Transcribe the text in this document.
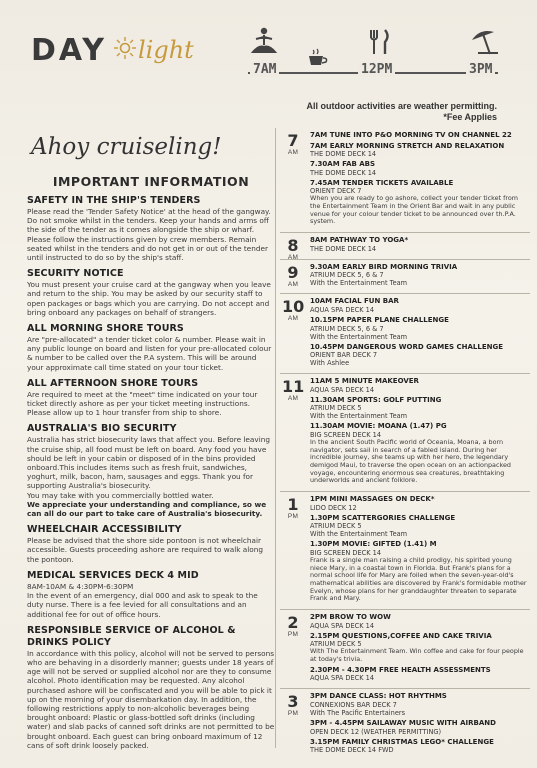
DAY light
7AM	12PM	3PM
All outdoor activities are weather permitting.
*Fee Applies
Ahoy cruiseling!
IMPORTANT INFORMATION
SAFETY IN THE SHIP'S TENDERS

Please read the 'Tender Safety Notice' at the head of the gangway. Do not smoke whilst in the tenders. Keep your hands and arms off the side of the tender as it comes alongside the ship or wharf. Please follow the instructions given by crew members. Remain seated whilst in the tenders and do not get in or out of the tender until instructed to do so by the ship's staff.

SECURITY NOTICE

You must present your cruise card at the gangway when you leave and return to the ship. You may be asked by our security staff to open packages or bags which you are carrying. Do not accept and bring onboard any packages on behalf of strangers.

ALL MORNING SHORE TOURS

Are "pre-allocated" a tender ticket color & number. Please wait in any public lounge on board and listen for your pre-allocated colour & number to be called over the P.A system. This will be around your approximate call time stated on your tour ticket.

ALL AFTERNOON SHORE TOURS

Are required to meet at the "meet" time indicated on your tour ticket directly ashore as per your ticket meeting instructions. Please allow up to 1 hour transfer from ship to shore.

AUSTRALIA'S BIO SECURITY

Australia has strict biosecurity laws that affect you. Before leaving the cruise ship, all food must be left on board. Any food you have should be left in your cabin or disposed of in the bins provided onboard.This includes items such as fresh fruit, sandwiches, yoghurt, milk, bacon, ham, sausages and eggs. Thank you for supporting Australia's biosecurity.

You may take with you commercially bottled water.

We appreciate your understanding and compliance, so we can all do our part to take care of Australia's biosecurity.

WHEELCHAIR ACCESSIBILITY

Please be advised that the shore side pontoon is not wheelchair accessible. Guests proceeding ashore are required to walk along the pontoon.

MEDICAL SERVICES DECK 4 MID

8AM-10AM & 4:30PM-6:30PM

In the event of an emergency, dial 000 and ask to speak to the duty nurse. There is a fee levied for all consultations and an additional fee for out of office hours.

RESPONSIBLE SERVICE OF ALCOHOL & DRINKS POLICY

In accordance with this policy, alcohol will not be served to persons who are behaving in a disorderly manner; guests under 18 years of age will not be served or supplied alcohol nor are they to consume alcohol. Photo identification may be requested. Any alcohol purchased ashore will be confiscated and you will be able to pick it up on the morning of your disembarkation day. In addition, the following restrictions apply to non-alcoholic beverages being brought onboard: Plastic or glass-bottled soft drinks (including water) and slab packs of canned soft drinks are not permitted to be brought onboard. Each guest can bring onboard maximum of 12 cans of soft drink loosely packed.

7
AM
7AM TUNE INTO P&O MORNING TV ON CHANNEL 22
7AM EARLY MORNING STRETCH AND RELAXATION
THE DOME DECK 14
7.30AM FAB ABS
THE DOME DECK 14
7.45AM TENDER TICKETS AVAILABLE
ORIENT DECK 7
When you are ready to go ashore, collect your tender ticket from the Entertainment Team in the Orient Bar and wait in any public venue for your colour tender ticket to be announced over th.P.A. system.
8
AM
8AM PATHWAY TO YOGA*
THE DOME DECK 14
9
AM
9.30AM EARLY BIRD MORNING TRIVIA
ATRIUM DECK 5, 6 & 7
With the Entertainment Team
10
AM
10AM FACIAL FUN BAR
AQUA SPA DECK 14
10.15PM PAPER PLANE CHALLENGE
ATRIUM DECK 5, 6 & 7
With the Entertainment Team
10.45PM DANGEROUS WORD GAMES CHALLENGE
ORIENT BAR DECK 7
With Ashlee
11
AM
11AM 5 MINUTE MAKEOVER
AQUA SPA DECK 14
11.30AM SPORTS: GOLF PUTTING
ATRIUM DECK 5
With the Entertainment Team
11.30AM MOVIE: MOANA (1.47) PG
BIG SCREEN DECK 14
In the ancient South Pacific world of Oceania, Moana, a born navigator, sets sail in search of a fabled island. During her incredible journey, she teams up with her hero, the legendary demigod Maui, to traverse the open ocean on an actionpacked voyage, encountering enormous sea creatures, breathtaking underworlds and ancient folklore.
1
PM
1PM MINI MASSAGES ON DECK*
LIDO DECK 12
1.30PM SCATTERGORIES CHALLENGE
ATRIUM DECK 5
With the Entertainment Team
1.30PM MOVIE: GIFTED (1.41) M
BIG SCREEN DECK 14
Frank is a single man raising a child prodigy, his spirited young niece Mary, in a coastal town in Florida. But Frank's plans for a normal school life for Mary are foiled when the seven-year-old's mathematical abilities are discovered by Frank's formidable mother Evelyn, whose plans for her granddaughter threaten to separate Frank and Mary.
2
PM
2PM BROW TO WOW
AQUA SPA DECK 14
2.15PM QUESTIONS,COFFEE AND CAKE TRIVIA
ATRIUM DECK 5
With The Entertainment Team. Win coffee and cake for four people at today's trivia.
2.30PM - 4.30PM FREE HEALTH ASSESSMENTS
AQUA SPA DECK 14
3
PM
3PM DANCE CLASS: HOT RHYTHMS
CONNEXIONS BAR DECK 7
With The Pacific Entertainers
3PM - 4.45PM SAILAWAY MUSIC WITH AIRBAND
OPEN DECK 12 (WEATHER PERMITTING)
3.15PM FAMILY CHRISTMAS LEGO* CHALLENGE
THE DOME DECK 14 FWD
